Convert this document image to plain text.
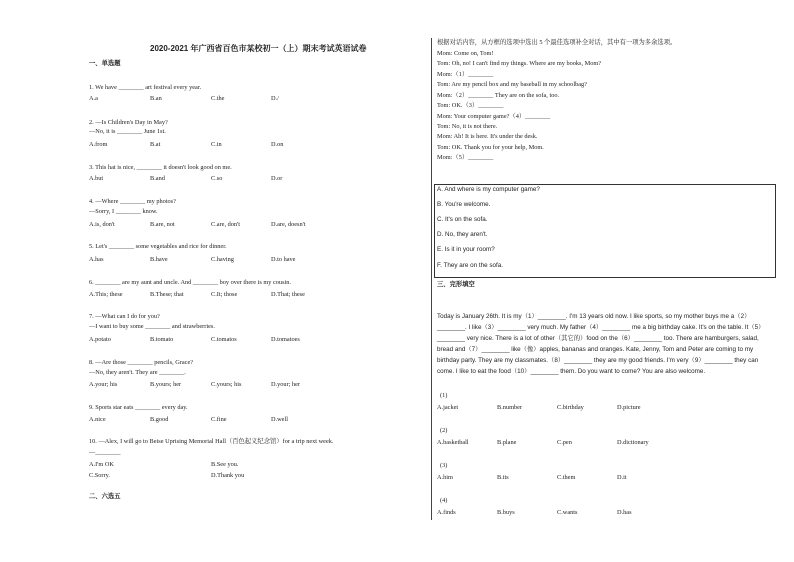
2020-2021 年广西省百色市某校初一（上）期末考试英语试卷
一、单选题
1. We have ________ art festival every year.
A.a	B.an	C.the	D./
2. —Is Children's Day in May?
—No, it is ________ June 1st.
A.from	B.at	C.in	D.on
3. This hat is nice, ________ it doesn't look good on me.
A.but	B.and	C.so	D.or
4. —Where ________ my photos?
—Sorry, I ________ know.
A.is, don't	B.are, not	C.are, don't	D.are, doesn't
5. Let's ________ some vegetables and rice for dinner.
A.has	B.have	C.having	D.to have
6. ________ are my aunt and uncle. And ________ boy over there is my cousin.
A.This; these	B.These; that	C.It; those	D.That; these
7. —What can I do for you?
—I want to buy some ________ and strawberries.
A.potato	B.tomato	C.tomatos	D.tomatoes
8. —Are those ________ pencils, Grace?
—No, they aren't. They are ________.
A.your; his	B.yours; her	C.yours; his	D.your; her
9. Sports star eats ________ every day.
A.nice	B.good	C.fine	D.well
10. —Alex, I will go to Beise Uprising Memorial Hall（百色起义纪念馆）for a trip next week.
—________
A.I'm OK	B.See you.
C.Sorry.	D.Thank you
二、六选五
根据对话内容，从方框的选项中选出 5 个最佳选项补全对话，其中有一项为多余选项。
Mom: Come on, Tom!
Tom: Oh, no! I can't find my things. Where are my books, Mom?
Mom:（1）________
Tom: Are my pencil box and my baseball in my schoolbag?
Mom:（2）________ They are on the sofa, too.
Tom: OK.（3）________
Mom: Your computer game?（4）________
Tom: No, it is not there.
Mom: Ah! It is here. It's under the desk.
Tom: OK. Thank you for your help, Mom.
Mom:（5）________
A. And where is my computer game?
B. You're welcome.
C. It's on the sofa.
D. No, they aren't.
E. Is it in your room?
F. They are on the sofa.
三、完形填空
Today is January 26th. It is my（1）________. I'm 13 years old now. I like sports, so my mother buys me a（2）
________. I like（3）________ very much. My father（4）________ me a big birthday cake. It's on the table. It（5）
________ very nice. There is a lot of other（其它的）food on the（6）________ too. There are hamburgers, salad,
bread and（7）________ like（像）apples, bananas and oranges. Kate, Jenny, Tom and Peter are coming to my
birthday party. They are my classmates.（8）________ they are my good friends. I'm very（9）________ they can
come. I like to eat the food（10）________ them. Do you want to come? You are also welcome.
(1)
A.jacket	B.number	C.birthday	D.picture
(2)
A.basketball	B.plane	C.pen	D.dictionary
(3)
A.him	B.its	C.them	D.it
(4)
A.finds	B.buys	C.wants	D.has
